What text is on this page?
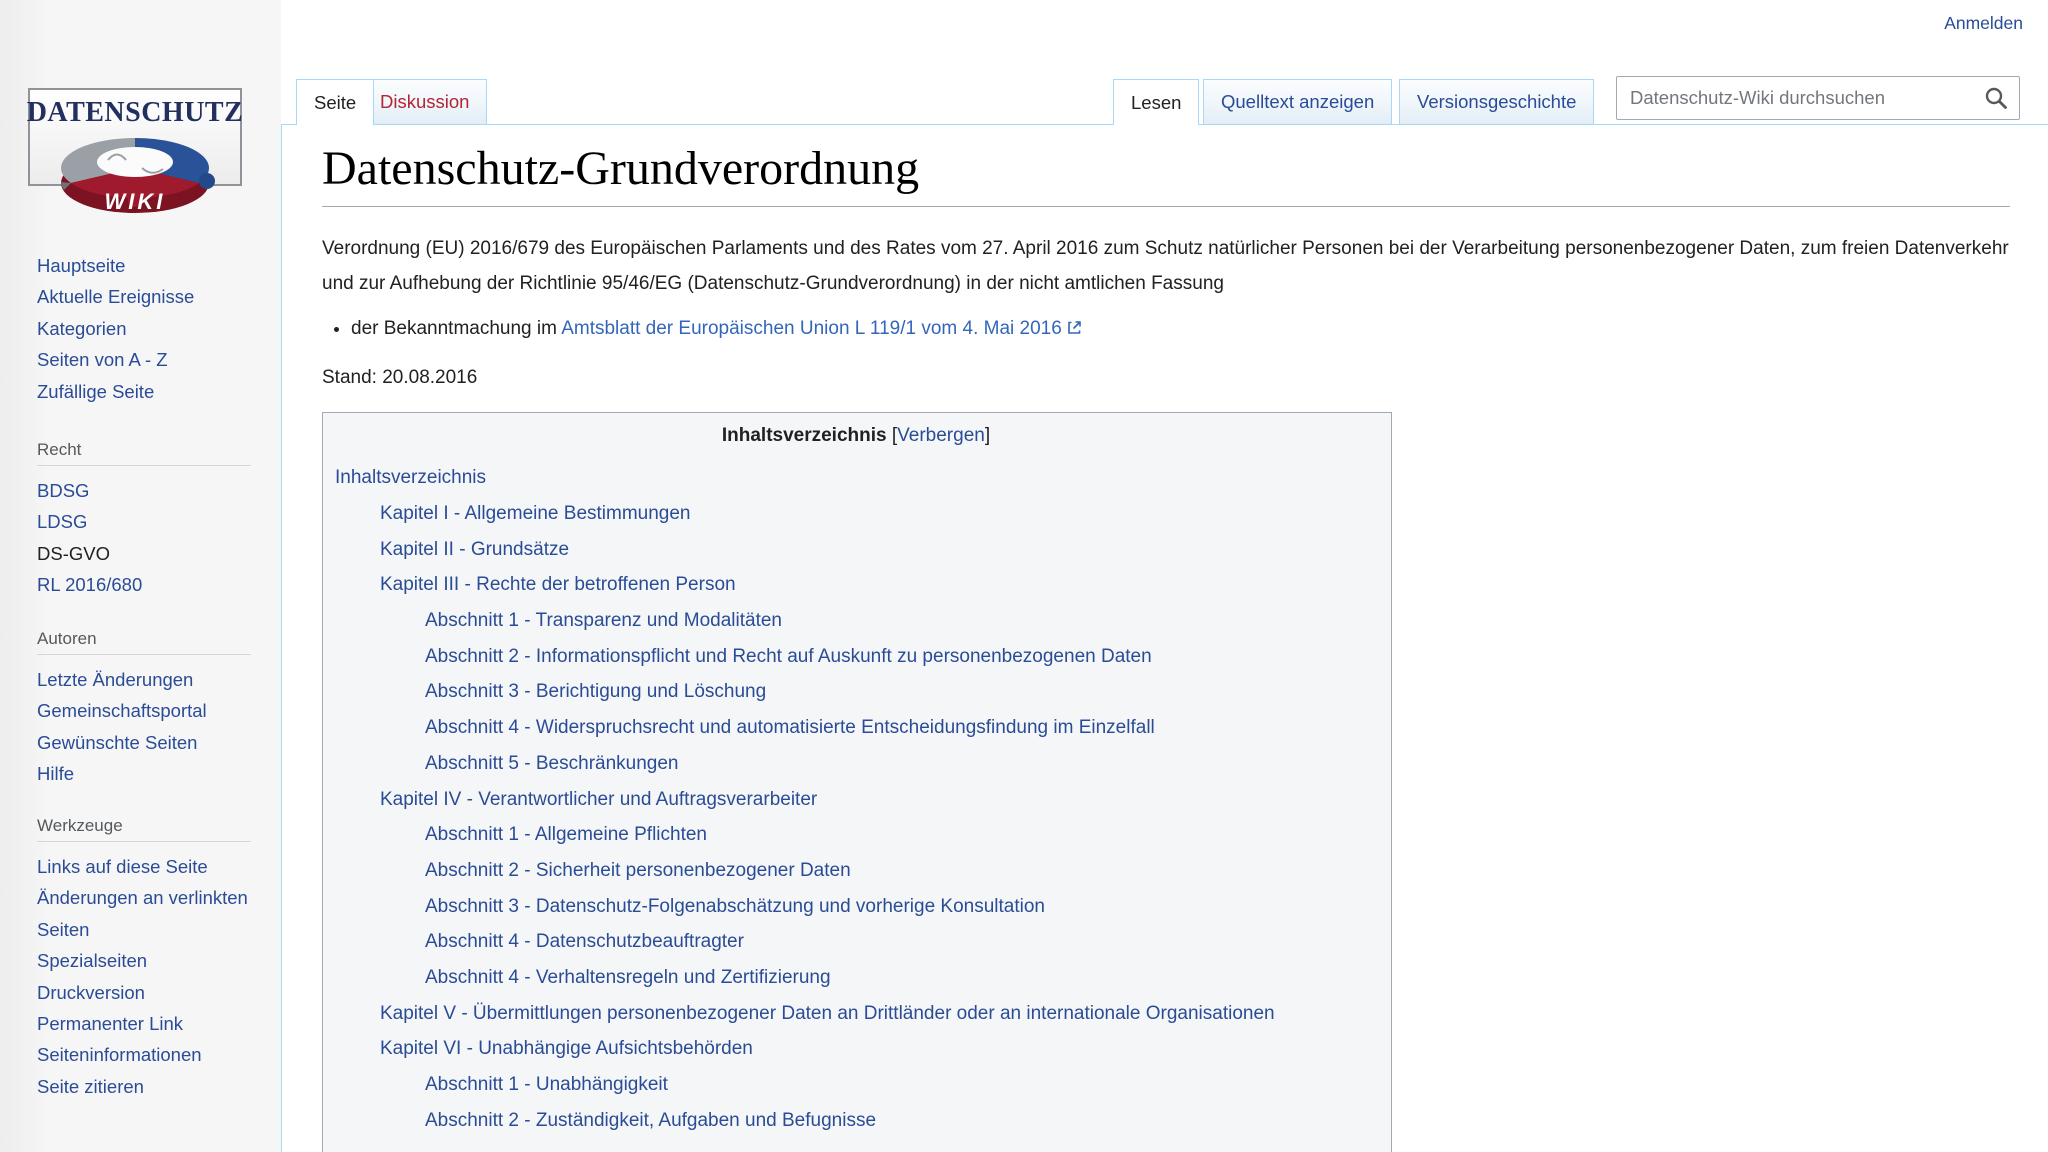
DATENSCHUTZ
WIKI
Hauptseite
Aktuelle Ereignisse
Kategorien
Seiten von A - Z
Zufällige Seite
Recht
BDSG
LDSG
DS-GVO
RL 2016/680
Autoren
Letzte Änderungen
Gemeinschaftsportal
Gewünschte Seiten
Hilfe
Werkzeuge
Links auf diese Seite
Änderungen an verlinkten Seiten
Spezialseiten
Druckversion
Permanenter Link
Seiteninformationen
Seite zitieren
Anmelden
Seite	Diskussion	Lesen	Quelltext anzeigen	Versionsgeschichte
Datenschutz-Wiki durchsuchen
Datenschutz-Grundverordnung

Verordnung (EU) 2016/679 des Europäischen Parlaments und des Rates vom 27. April 2016 zum Schutz natürlicher Personen bei der Verarbeitung personenbezogener Daten, zum freien Datenverkehr und zur Aufhebung der Richtlinie 95/46/EG (Datenschutz-Grundverordnung) in der nicht amtlichen Fassung

• der Bekanntmachung im Amtsblatt der Europäischen Union L 119/1 vom 4. Mai 2016

Stand: 20.08.2016

Inhaltsverzeichnis [Verbergen]
Inhaltsverzeichnis
Kapitel I - Allgemeine Bestimmungen
Kapitel II - Grundsätze
Kapitel III - Rechte der betroffenen Person
Abschnitt 1 - Transparenz und Modalitäten
Abschnitt 2 - Informationspflicht und Recht auf Auskunft zu personenbezogenen Daten
Abschnitt 3 - Berichtigung und Löschung
Abschnitt 4 - Widerspruchsrecht und automatisierte Entscheidungsfindung im Einzelfall
Abschnitt 5 - Beschränkungen
Kapitel IV - Verantwortlicher und Auftragsverarbeiter
Abschnitt 1 - Allgemeine Pflichten
Abschnitt 2 - Sicherheit personenbezogener Daten
Abschnitt 3 - Datenschutz-Folgenabschätzung und vorherige Konsultation
Abschnitt 4 - Datenschutzbeauftragter
Abschnitt 4 - Verhaltensregeln und Zertifizierung
Kapitel V - Übermittlungen personenbezogener Daten an Drittländer oder an internationale Organisationen
Kapitel VI - Unabhängige Aufsichtsbehörden
Abschnitt 1 - Unabhängigkeit
Abschnitt 2 - Zuständigkeit, Aufgaben und Befugnisse
